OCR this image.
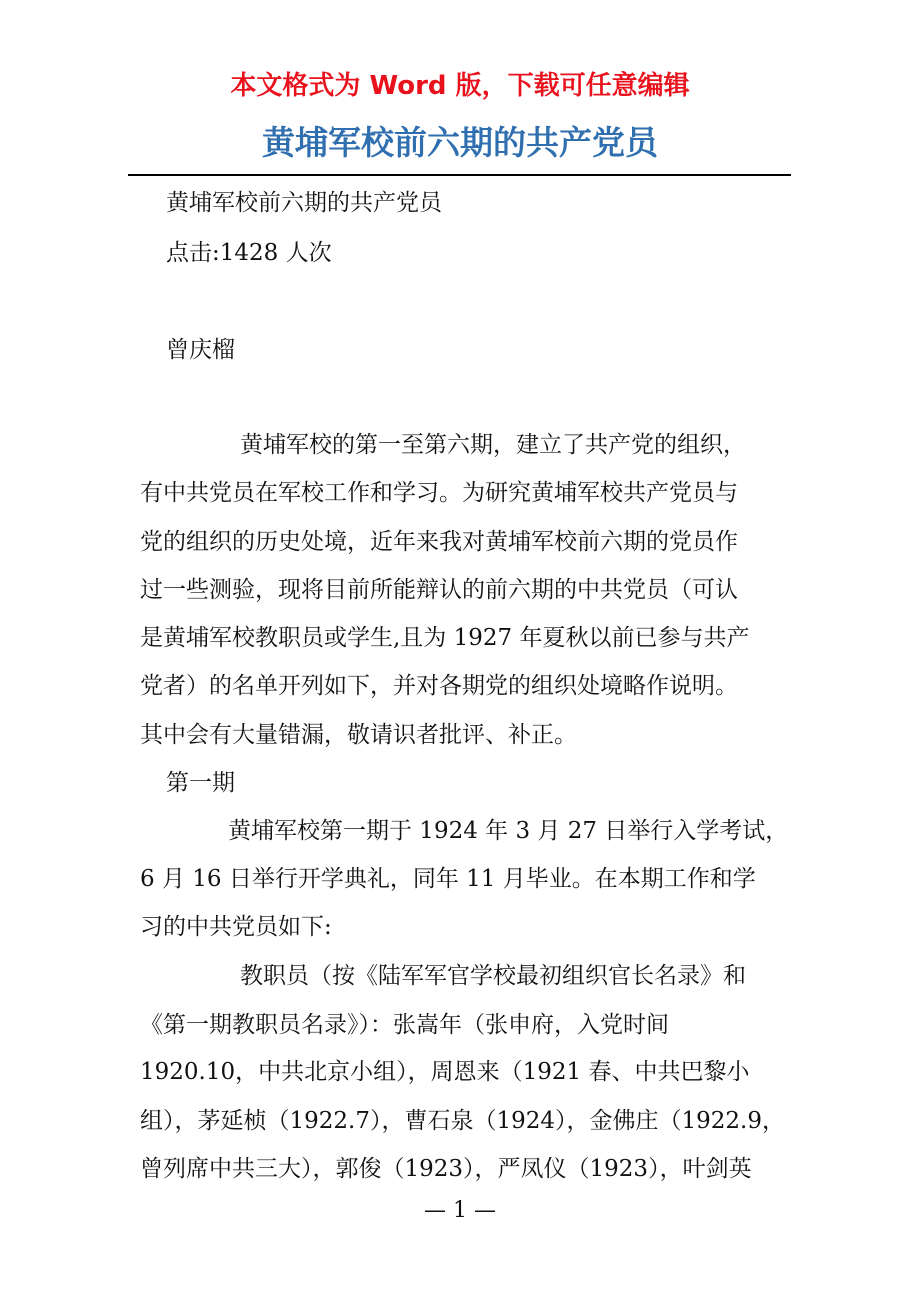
本文格式为 Word 版，下载可任意编辑
黄埔军校前六期的共产党员
黄埔军校前六期的共产党员
点击:1428 人次
曾庆榴
黄埔军校的第一至第六期，建立了共产党的组织，
有中共党员在军校工作和学习。为研究黄埔军校共产党员与
党的组织的历史处境，近年来我对黄埔军校前六期的党员作
过一些测验，现将目前所能辩认的前六期的中共党员（可认
是黄埔军校教职员或学生,且为 1927 年夏秋以前已参与共产
党者）的名单开列如下，并对各期党的组织处境略作说明。
其中会有大量错漏，敬请识者批评、补正。
第一期
黄埔军校第一期于 1924 年 3 月 27 日举行入学考试，
6 月 16 日举行开学典礼，同年 11 月毕业。在本期工作和学
习的中共党员如下:
教职员（按《陆军军官学校最初组织官长名录》和
《第一期教职员名录》）：张嵩年（张申府，入党时间
1920.10，中共北京小组），周恩来（1921 春、中共巴黎小
组），茅延桢（1922.7），曹石泉（1924），金佛庄（1922.9，
曾列席中共三大），郭俊（1923），严凤仪（1923），叶剑英
— 1 —
